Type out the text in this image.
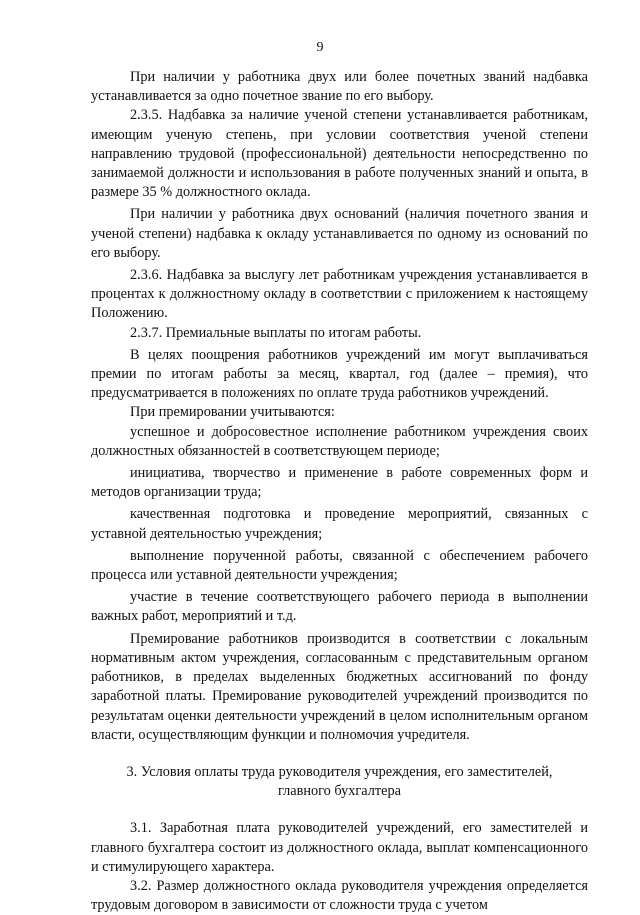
9

При наличии у работника двух или более почетных званий надбавка устанавливается за одно почетное звание по его выбору.

2.3.5. Надбавка за наличие ученой степени устанавливается работникам, имеющим ученую степень, при условии соответствия ученой степени направлению трудовой (профессиональной) деятельности непосредственно по занимаемой должности и использования в работе полученных знаний и опыта, в размере 35 % должностного оклада.

При наличии у работника двух оснований (наличия почетного звания и ученой степени) надбавка к окладу устанавливается по одному из оснований по его выбору.

2.3.6. Надбавка за выслугу лет работникам учреждения устанавливается в процентах к должностному окладу в соответствии с приложением к настоящему Положению.

2.3.7. Премиальные выплаты по итогам работы.

В целях поощрения работников учреждений им могут выплачиваться премии по итогам работы за месяц, квартал, год (далее – премия), что предусматривается в положениях по оплате труда работников учреждений.

При премировании учитываются:

успешное и добросовестное исполнение работником учреждения своих должностных обязанностей в соответствующем периоде;

инициатива, творчество и применение в работе современных форм и методов организации труда;

качественная подготовка и проведение мероприятий, связанных с уставной деятельностью учреждения;

выполнение порученной работы, связанной с обеспечением рабочего процесса или уставной деятельности учреждения;

участие в течение соответствующего рабочего периода в выполнении важных работ, мероприятий и т.д.

Премирование работников производится в соответствии с локальным нормативным актом учреждения, согласованным с представительным органом работников, в пределах выделенных бюджетных ассигнований по фонду заработной платы. Премирование руководителей учреждений производится по результатам оценки деятельности учреждений в целом исполнительным органом власти, осуществляющим функции и полномочия учредителя.

3. Условия оплаты труда руководителя учреждения, его заместителей,
главного бухгалтера

3.1. Заработная плата руководителей учреждений, его заместителей и главного бухгалтера состоит из должностного оклада, выплат компенсационного и стимулирующего характера.

3.2. Размер должностного оклада руководителя учреждения определяется трудовым договором в зависимости от сложности труда с учетом
